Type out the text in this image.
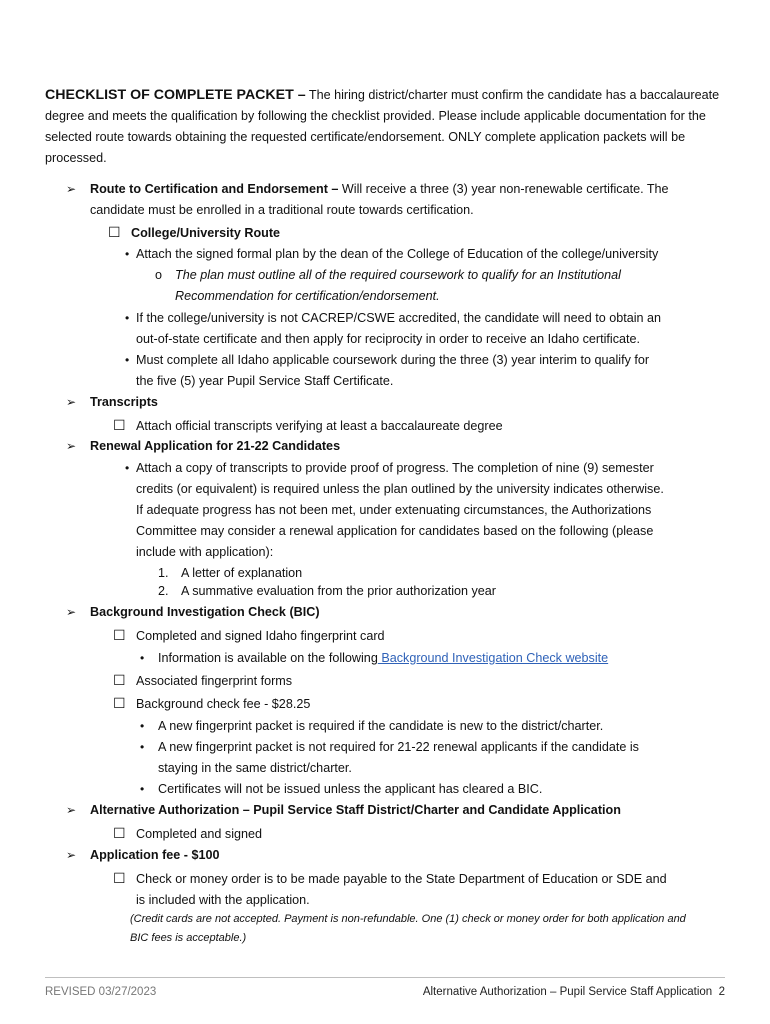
CHECKLIST OF COMPLETE PACKET – The hiring district/charter must confirm the candidate has a baccalaureate degree and meets the qualification by following the checklist provided. Please include applicable documentation for the selected route towards obtaining the requested certificate/endorsement. ONLY complete application packets will be processed.
➢ Route to Certification and Endorsement – Will receive a three (3) year non-renewable certificate. The
candidate must be enrolled in a traditional route towards certification.
☐ College/University Route
• Attach the signed formal plan by the dean of the College of Education of the college/university
o The plan must outline all of the required coursework to qualify for an Institutional
Recommendation for certification/endorsement.
• If the college/university is not CACREP/CSWE accredited, the candidate will need to obtain an
out-of-state certificate and then apply for reciprocity in order to receive an Idaho certificate.
• Must complete all Idaho applicable coursework during the three (3) year interim to qualify for
the five (5) year Pupil Service Staff Certificate.
➢ Transcripts
☐ Attach official transcripts verifying at least a baccalaureate degree
➢ Renewal Application for 21-22 Candidates
• Attach a copy of transcripts to provide proof of progress. The completion of nine (9) semester
credits (or equivalent) is required unless the plan outlined by the university indicates otherwise.
If adequate progress has not been met, under extenuating circumstances, the Authorizations
Committee may consider a renewal application for candidates based on the following (please
include with application):
1. A letter of explanation
2. A summative evaluation from the prior authorization year
➢ Background Investigation Check (BIC)
☐ Completed and signed Idaho fingerprint card
• Information is available on the following Background Investigation Check website
☐ Associated fingerprint forms
☐ Background check fee - $28.25
• A new fingerprint packet is required if the candidate is new to the district/charter.
• A new fingerprint packet is not required for 21-22 renewal applicants if the candidate is
staying in the same district/charter.
• Certificates will not be issued unless the applicant has cleared a BIC.
➢ Alternative Authorization – Pupil Service Staff District/Charter and Candidate Application
☐ Completed and signed
➢ Application fee - $100
☐ Check or money order is to be made payable to the State Department of Education or SDE and
is included with the application.
(Credit cards are not accepted. Payment is non-refundable. One (1) check or money order for both application and
BIC fees is acceptable.)
REVISED 03/27/2023	Alternative Authorization – Pupil Service Staff Application 2
